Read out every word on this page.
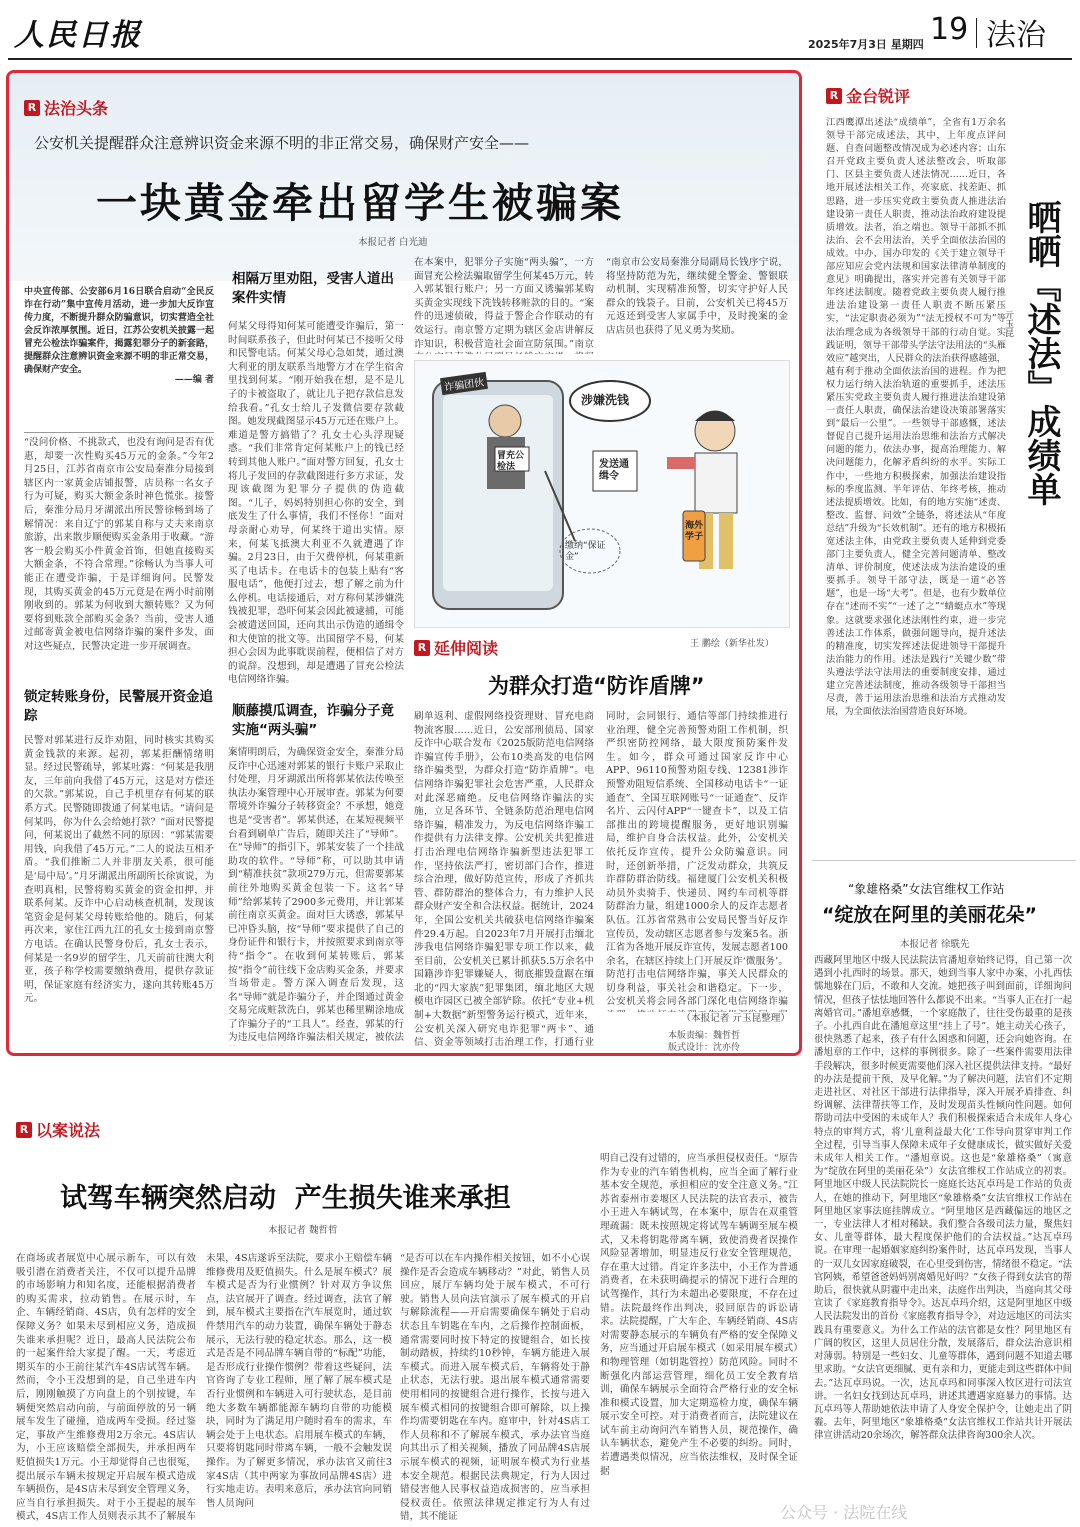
人民日报	2025年7月3日 星期四 19 法治
R 法治头条
公安机关提醒群众注意辨识资金来源不明的非正常交易，确保财产安全——
一块黄金牵出留学生被骗案
本报记者 白光迪
中央宣传部、公安部6月16日联合启动“全民反诈在行动”集中宣传月活动，进一步加大反诈宣传力度，不断提升群众防骗意识，切实营造全社会反诈浓厚氛围。近日，江苏公安机关披露一起冒充公检法诈骗案件，揭露犯罪分子的新套路，提醒群众注意辨识资金来源不明的非正常交易，确保财产安全。
——编 者
“没问价格、不挑款式，也没有询问是否有优惠，却要一次性购买45万元的金条。”今年2月25日，江苏省南京市公安局秦淮分局接到辖区内一家黄金店铺报警，店员称一名女子行为可疑，购买大额金条时神色慌张。接警后，秦淮分局月牙湖派出所民警徐畅到场了解情况：来自辽宁的郭某自称与丈夫来南京旅游，出来散步顺便购买金条用于收藏。“游客一般会购买小件黄金首饰，但她直接购买大额金条，不符合常理。”徐畅认为当事人可能正在遭受诈骗，于是详细询问。民警发现，其购买黄金的45万元竟是在两小时前刚刚收到的。郭某为何收到大额转账？又为何要将到账款全部购买金条？当前，受害人通过邮寄黄金被电信网络诈骗的案件多发，面对这些疑点，民警决定进一步开展调查。
锁定转账身份，民警展开资金追踪
民警对郭某进行反诈劝阻，同时核实其购买黄金钱款的来源。起初，郭某拒酬情绪明显。经过民警疏导，郭某吐露：“何某是我朋友，三年前向我借了45万元，这是对方偿还的欠款。”郭某说，自己手机里存有何某的联系方式。民警随即拨通了何某电话。“请问是何某吗，你为什么会给她打款？”面对民警提问，何某说出了截然不同的原因：“郭某需要用钱，向我借了45万元。”二人的说法互相矛盾。“我们推断二人并非朋友关系，很可能是‘局中局’。”月牙湖派出所副所长徐寅说，为查明真相，民警将购买黄金的资金扣押，并联系何某。反诈中心启动核查机制，发现该笔资金是何某父母转账给他的。随后，何某再次来，家住江西九江的孔女士接到南京警方电话。在确认民警身份后，孔女士表示，何某是一名9岁的留学生，几天前前往澳大利亚，孩子称学校需要缴纳费用，提供存款证明，保证家庭有经济实力，遂向其转账45万元。
相隔万里劝阻，受害人道出案件实情
何某父母得知何某可能遭受诈骗后，第一时间联系孩子，但此时何某已不接听父母和民警电话。何某父母心急如焚，通过澳大利亚的朋友联系当地警方才在学生宿舍里找到何某。“刚开始我在想，是不是儿子的卡被盗取了，就让儿子把存款信息发给我看。”孔女士给儿子发微信要存款截图。她发现截图显示45万元还在账户上。难道是警方搞错了？孔女士心头浮现疑惑。“我们非常肯定何某账户上的钱已经转到其他人账户。”面对警方回复，孔女士将儿子发回的存款截图进行多方求证，发现该截图为犯罪分子提供的伪造截图。“儿子，妈妈特别担心你的安全，到底发生了什么事情，我们不怪你！”面对母亲耐心劝导，何某终于道出实情。原来，何某飞抵澳大利亚不久就遭遇了诈骗。2月23日，由于欠费停机，何某重新买了电话卡。在电话卡的包装上贴有“客服电话”，他便打过去，想了解之前为什么停机。电话接通后，对方称何某涉嫌洗钱被犯罪，恐吓何某会因此被逮捕，可能会被遣送回国，还向其出示伪造的通缉令和大使馆的批文等。出国留学不易，何某担心会因为此事耽误前程，便相信了对方的说辞。没想到，却是遭遇了冒充公检法电信网络诈骗。
顺藤摸瓜调查，诈骗分子竟实施“两头骗”
案情明朗后，为确保资金安全，秦淮分局反诈中心迅速对郭某的银行卡账户采取止付处理，月牙湖派出所将郭某依法传唤至执法办案管理中心开展审查。郭某为何要帮境外诈骗分子转移资金？不承想，她竟也是“受害者”。郭某供述，在某短视频平台看到刷单广告后，随即关注了“导师”。在“导师”的指引下，郭某安装了一个挂战助攻的软件。“导师”称，可以助其申请到“精准扶贫”款项279万元，但需要郭某前往外地购买黄金包装一下。这名“导师”给郭某转了2900多元费用，并让郭某前往南京买黄金。面对巨大诱惑，郭某早已冲昏头脑，按“导师”要求提供了自己的身份证件和银行卡，并按照要求到南京等待“指令”。在收到何某转账后，郭某按“指令”前往线下金店购买金条，并要求当场带走。警方深入调查后发现，这名“导师”就是诈骗分子，并企图通过黄金交易完成赃款洗白，郭某也稀里糊涂地成了诈骗分子的“工具人”。经查，郭某的行为违反电信网络诈骗法相关规定，被依法
在本案中，犯罪分子实施“两头骗”，一方面冒充公检法骗取留学生何某45万元，转入郭某银行账户；另一方面又诱骗郭某购买黄金实现线下洗钱转移赃款的目的。“案件的迅速侦破，得益于警企合作联动的有效运行。南京警方定期为辖区金店讲解反诈知识，积极营造社会面宣防氛围。”南京
“南京市公安局秦淮分局副局长钱序宁说，将坚持防范为先，继续健全警金、警银联动机制，实现精准预警，切实守护好人民群众的钱袋子。目前，公安机关已将45万元返还到受害人家属手中，及时挽案的金店店员也获得了见义勇为奖励。
诈骗团伙
涉嫌洗钱
冒充公检法	发送通缉令
缴纳“保证金”
海外学子
王 鹏绘（新华社发）
R 延伸阅读
为群众打造“防诈盾牌”
刷单返利、虚假网络投资理财、冒充电商物流客服……近日，公安部刑侦局、国家反诈中心联合发布《2025版防范电信网络诈骗宣传手册》，公布10类高发的电信网络诈骗类型，为群众打造“防诈盾牌”。电信网络诈骗犯罪社会危害严重，人民群众对此深恶痛绝。反电信网络诈骗法的实施，立足各环节、全链条防范治理电信网络诈骗，精准发力，为反电信网络诈骗工作提供有力法律支撑。公安机关共犯推进打击治理电信网络诈骗新型违法犯罪工作，坚持依法严打，密切部门合作，推进综合治理，做好防范宣传，形成了齐抓共管、群防群治的整体合力，有力维护人民群众财产安全和合法权益。据统计，2024年，全国公安机关共破获电信网络诈骗案件29.4万起。自2023年7月开展打击缅北涉我电信网络诈骗犯罪专项工作以来，截至目前，公安机关已累计抓获5.5万余名中国籍涉诈犯罪嫌疑人，彻底摧毁盘踞在缅北的“四大家族”犯罪集团，缅北地区大规模电诈园区已被全部铲除。依托“专业+机制+大数据”新型警务运行模式，近年来，公安机关深入研究电诈犯罪“两卡”、通信、资金等领域打击治理工作，打通行业
同时，会同银行、通信等部门持续推进行业治理，健全完善预警劝阻工作机制，织严织密防控网络，最大限度预防案件发生。如今，群众可通过国家反诈中心APP、96110预警劝阻专线、12381涉诈预警劝阻短信系统、全国移动电话卡“一证通查”、全国互联网账号“一证通查”、反诈名片、云闪付APP“一键查卡”，以及工信部推出的跨境提醒服务，更好地识别骗局，维护自身合法权益。此外，公安机关依托反诈宣传，提升公众防骗意识。同时，还创新举措，广泛发动群众，共筑反诈群防群治防线。福建厦门公安机关积极动员外卖骑手、快递员、网约车司机等群防群治力量，组建1000余人的反诈志愿者队伍。江苏省常熟市公安局民警当好反诈宣传员，发动辖区志愿者参与发案5名。浙江省为各地开展反诈宣传，发展志愿者100余名，在辖区持续上门开展反诈‘微服务’。防范打击电信网络诈骗，事关人民群众的切身利益，事关社会和谐稳定。下一步，公安机关将会同各部门深化电信网络诈骗
（本报记者 亓玉昆整理）
本版责编：魏哲哲
版式设计：沈亦伶
R 金台锐评
江西鹰潭出述法“成绩单”，全省有1万余名领导干部完成述法，其中，上年度点评问题、自查问题整改情况成为必述内容；山东召开党政主要负责人述法整改会，听取部门、区县主要负责人述法情况……近日，各地开展述法相关工作，亮家底、找差距、抓思路，进一步压实党政主要负责人推进法治建设第一责任人职责，推动法治政府建设提质增效。法者，治之端也。领导干部抓不抓法治、会不会用法治，关乎全面依法治国的成效。中办、国办印发的《关于建立领导干部应知应会党内法规和国家法律清单制度的意见》明确提出，落实并完善有关领导干部年终述法制度。随着党政主要负责人履行推进法治建设第一责任人职责不断压紧压实，“法定职责必须为”“法无授权不可为”等法治理念成为各级领导干部的行动自觉。实践证明，领导干部带头学法守法用法的“头雁效应”越突出，人民群众的法治获得感越强，越有利于推动全面依法治国的进程。作为把权力运行纳入法治轨道的重要抓手，述法压紧压实党政主要负责人履行推进法治建设第一责任人职责，确保法治建设决策部署落实到“最后一公里”。一些领导干部感慨，述法督促自己提升运用法治思维和法治方式解决问题的能力，依法办事，提高治理能力、解决问题能力，化解矛盾纠纷的水平。实际工作中，一些地方积极探索，加强法治建设指标的季度监测、半年评估、年终考核，推动述法提质增效。比如，有的地方实施“述责、整改、监督、问效”全链条，将述法从“年度总结”升级为“长效机制”。还有的地方积极拓宽述法主体，由党政主要负责人延伸到党委部门主要负责人，健全完善问题清单、整改清单、评价制度，使述法成为法治建设的重要抓手。领导干部守法，既是一道“必答题”，也是一场“大考”。但是，也有少数单位存在“述而不实”“一述了之”“蜻蜓点水”等现象。这就要求强化述法刚性约束，进一步完善述法工作体系，做强问题导向，提升述法的精准度，切实发挥述法促进领导干部提升法治能力的作用。述法是践行“关键少数”带头遵法学法守法用法的重要制度安排，通过建立完善述法制度，推动各级领导干部担当尽责，善于运用法治思维和法治方式推动发展，为全面依法治国营造良好环境。
晒晒『述法』成绩单
亓玉昆
“象雄格桑”女法官维权工作站
“绽放在阿里的美丽花朵”
本报记者 徐駪先
西藏阿里地区中级人民法院法官潘旭章始终记得，自己第一次遇到小扎西时的场景。那天，她到当事人家中办案，小扎西怯懦地躲在门后，不敢和人交流。她把孩子叫到面前，详细询问情况，但孩子怯怯地回答什么都说不出来。“当事人正在打一起离婚官司。”潘旭章感慨，一个家庭散了，往往受伤最重的是孩子。小扎西自此在潘旭章这里“挂上了号”。她主动关心孩子，很快熟悉了起来，孩子有什么困惑和问题，还会向她咨询。在潘旭章的工作中，这样的事例很多。除了一些案件需要用法律手段解决，很多时候更需要他们深入社区提供法律支持。“最好的办法是提前干预，及早化解。”为了解决问题，法官们不定期走进社区、对社区干部进行法律指导，深入开展矛盾排查、纠纷调解、法律帮扶等工作，及时发现苗头性倾向性问题。如何帮助司法中受困的未成年人？我们积极探索适合未成年人身心特点的审判方式，将‘儿童利益最大化’工作导向贯穿审判工作全过程，引导当事人保障未成年子女健康成长，做实做好关爱未成年人相关工作。“潘旭章说。这也是“象雄格桑”（寓意为“绽放在阿里的美丽花朵”）女法官维权工作站成立的初衷。阿里地区中级人民法院院长一庭庭长达瓦卓玛是工作站的负责人，在她的推动下，阿里地区“象雄格桑”女法官维权工作站在阿里地区家事法庭挂牌成立。“阿里地区是西藏偏远的地区之一，专业法律人才相对稀缺。我们整合各级司法力量，聚焦妇女、儿童等群体，最大程度保护他们的合法权益。”达瓦卓玛说。在审理一起婚姻家庭纠纷案件时，达瓦卓玛发现，当事人的一双儿女因家庭破裂，在心里受到伤害，情绪很不稳定。“法官阿姨，希望爸爸妈妈别离婚见好吗？”女孩子得到女法官的帮助后，很快就从阴霾中走出来，法庭作出判决，当庭向其父母宣读了《家庭教育指导令》。达瓦卓玛介绍，这是阿里地区中级人民法院发出的首份《家庭教育指导令》，对边远地区的司法实践具有重要意义。为什么工作站的法官都是女性？阿里地区有广阔的牧区，这里人员居住分散，发展落后，群众法治意识相对薄弱。特别是一些妇女、儿童等群体，遇到问题不知道去哪里求助。“女法官更细腻、更有亲和力，更能走到这些群体中间去。”达瓦卓玛说。一次，达瓦卓玛和同事深入牧区进行司法宣讲。一名妇女找到达瓦卓玛，讲述其遭遇家庭暴力的事情。达瓦卓玛等人帮助她依法申请了人身安全保护令，让她走出了阴霾。去年，阿里地区“象雄格桑”女法官维权工作站共计开展法律宣讲活动20余场次，解答群众法律咨询300余人次。
R 以案说法
试驾车辆突然启动  产生损失谁来承担
本报记者 魏哲哲
在商场或者展览中心展示新车，可以有效吸引潜在消费者关注，不仅可以提升品牌的市场影响力和知名度，还能根据消费者的购买需求，拉动销售。在展示时，车企、车辆经销商、4S店，负有怎样的安全保障义务？如果未尽到相应义务，造成损失谁来承担呢？近日，最高人民法院公布的一起案件给大家提了醒。一天，考虑近期买车的小王前往某汽车4S店试驾车辆。然而，令小王没想到的是，自己坐进车内后，刚刚触摸了方向盘上的个别按键，车辆便突然启动向前，与前面停放的另一辆展车发生了碰撞，造成两车受损。经过鉴定，事故产生维修费用2万余元。4S店认为，小王应该赔偿全部损失，并承担两车贬值损失1万元。小王却觉得自己也很冤，提出展示车辆未按规定开启展车模式造成车辆损伤，是4S店未尽到安全管理义务，应当自行承担损失。对于小王提起的展车模式，4S店工作人员则表示其不了解展车
未果，4S店遂诉至法院，要求小王赔偿车辆维修费用及贬值损失。什么是展车模式？展车模式是否为行业惯例？针对双方争议焦点，法官展开了调查。经过调查，法官了解到，展车模式主要指在汽车展览时，通过软件禁用汽车的动力装置，确保车辆处于静态展示，无法行驶的稳定状态。那么，这一模式是否是不同品牌车辆自带的“标配”功能，是否形成行业操作惯例？带着这些疑问，法官咨询了专业工程师，厘了解了展车模式是否行业惯例和车辆进入可行驶状态，是目前绝大多数车辆都能源车辆均自带的功能模块，同时为了满足用户随时看车的需求，车辆会处于上电状态。启用展车模式的车辆，只要将钥匙同时带离车辆，一般不会触发误操作。为了解更多情况，承办法官又前往3家4S店（其中两家为事故同品牌4S店）进行实地走访。表明来意后，承办法官向同销售人员询问
“是否可以在车内操作相关按钮，如不小心误操作是否会造成车辆移动？”对此，销售人员回应，展厅车辆均处于展车模式，不可行驶。销售人员向法官演示了展车模式的开启与解除流程——开启需要确保车辆处于启动状态且车钥匙在车内，之后操作控制面板，通常需要同时按下特定的按键组合，如长按制动踏板，持续约10秒钟，车辆方能进入展车模式。而进入展车模式后，车辆将处于静止状态，无法行驶。退出展车模式通常需要使用相同的按键组合进行操作，长按与进入展车模式相同的按键组合即可解除，以上操作均需要钥匙在车内。庭审中，针对4S店工作人员称和不了解展车模式，承办法官当庭向其出示了相关视频，播放了同品牌4S店展示展车模式的视频，证明展车模式为行业基本安全规范。根据民法典规定，行为人因过错侵害他人民事权益造成损害的，应当承担侵权责任。依照法律规定推定行为人有过错，其不能证
明自己没有过错的，应当承担侵权责任。“原告作为专业的汽车销售机构，应当全面了解行业基本安全规范，承担相应的安全注意义务。”江苏省泰州市姜堰区人民法院的法官表示，被告小王进入车辆试驾，在本案中，原告在双重管理疏漏：既未按照规定将试驾车辆调至展车模式，又未将钥匙带离车辆，致使消费者误操作风险显著增加，明显违反行业安全管理规范，存在重大过错。肖定许多法中，小王作为普通消费者，在未获明确提示的情况下进行合理的试驾操作，其行为未超出必要限度，不存在过错。法院最终作出判决，驳回原告的诉讼请求。法院提醒，广大车企、车辆经销商、4S店对需要静态展示的车辆负有严格的安全保障义务，应当通过开启展车模式（如采用展车模式）和物理管理（如钥匙管控）防范风险。同时不断强化内部运营管理，细化员工安全教育培训，确保车辆展示全面符合严格行业的安全标准和模式设置，加大定期巡检力度，确保车辆展示安全可控。对于消费者而言，法院建议在试车前主动询问汽车销售人员，规范操作，确认车辆状态，避免产生不必要的纠纷。同时，若遭遇类似情况，应当依法维权，及时保全证据
公众号 · 法院在线
